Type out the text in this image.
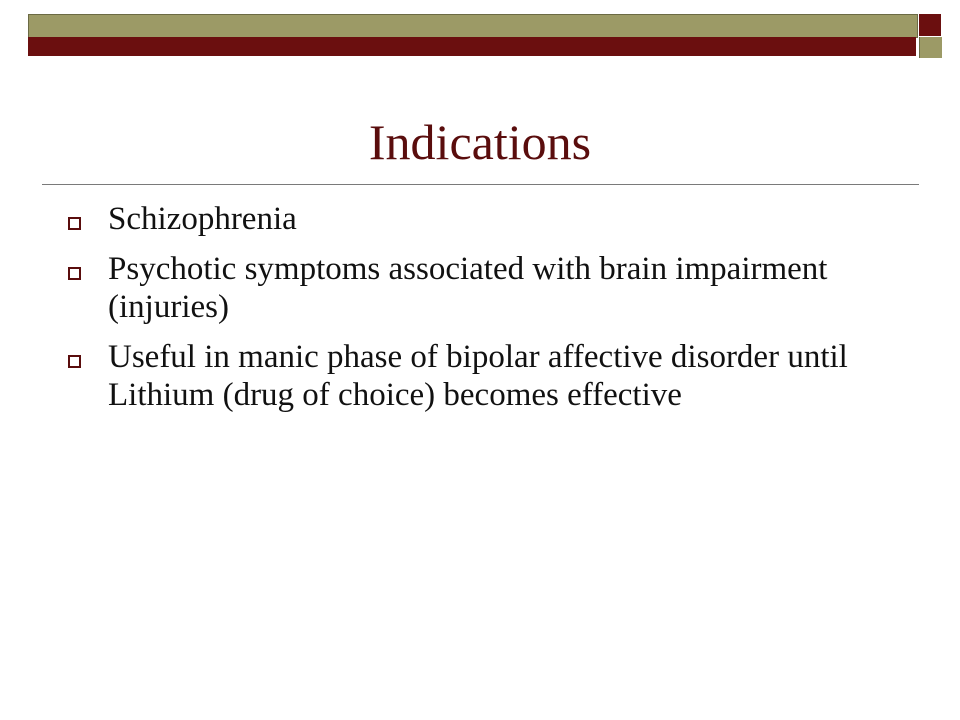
Indications
Schizophrenia
Psychotic symptoms associated with brain impairment (injuries)
Useful in manic phase of bipolar affective disorder until Lithium (drug of choice) becomes effective
